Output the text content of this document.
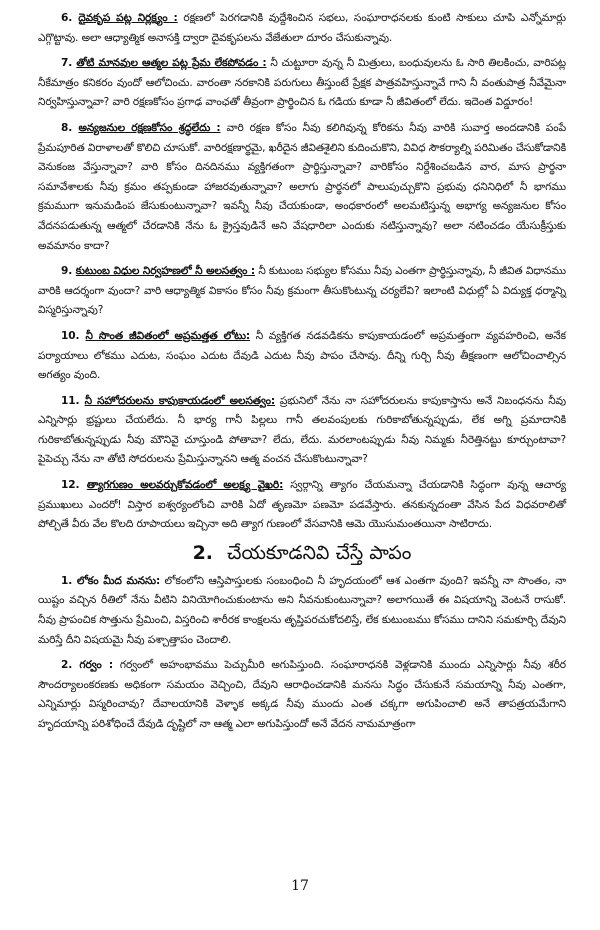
6. దైవకృప పట్ల నిర్లక్ష్యం : రక్షణలో పెరగడానికి వుద్దేశించిన సభలు, సంఘారాధనలకు కుంటి సాకులు చూపి ఎన్నోమార్లు ఎగ్గొట్టావు. అలా ఆధ్యాత్మిక అనాసక్తి ద్వారా దైవకృపలను వేజేతులా దూరం చేసుకున్నావు.

7. తోటి మానవుల ఆత్మల పట్ల ప్రేమ లేకపోవడం : నీ చుట్టూరా వున్న నీ మిత్రులు, బంధువులను ఓ సారి తిలకించు, వారిపట్ల నీకేమాత్రం కనికరం వుందో ఆలోచించు. వారంతా నరకానికి పరుగులు తీస్తుంటే ప్రేక్షక పాత్రవహిస్తున్నావే గాని నీ వంతుపాత్ర నీవేమైనా నిర్వహిస్తున్నావా? వారి రక్షణకోసం ప్రగాఢ వాంఛతో తీవ్రంగా ప్రార్థించిన ఓ గడియ కూడా నీ జీవితంలో లేదు. ఇదెంత విద్డూరం!

8. అన్యజనుల రక్షణకోసం శ్రద్ధలేదు : వారి రక్షణ కోసం నీవు కలిగివున్న కోరికను నీవు వారికి సువార్త అందడానికి పంపే ప్రేమపూరిత విరాళాలతో కొలిచి చూసుకో. వారిరక్షణార్థమై, ఖరీదైన జీవితశైలిని కుదించుకొని, వివిధ సౌకర్యాల్ని పరిమితం చేసుకోడానికి వెనుకంజ వేస్తున్నావా? వారి కోసం దినదినము వ్యక్తిగతంగా ప్రార్థిస్తున్నావా? వారికోసం నిర్దేశించబడిన వార, మాస ప్రార్థనా సమావేశాలకు నీవు క్రమం తప్పకుండా హాజరవుతున్నావా? అలాగు ప్రార్థనలో పాలుపుచ్చుకొని ప్రభువు ధనినిధిలో నీ భాగము క్రమముగా ఇనుమడింప జేసుకుంటున్నావా? ఇవన్నీ నీవు చేయకుండా, అంధకారంలో అలమటిస్తున్న అభాగ్య అన్యజనుల కోసం వేదనపడుతున్న ఆత్మలో చేరడానికి నేను ఓ క్రైస్తవుడినే అని వేషధారిలా ఎందుకు నటిస్తున్నావు? అలా నటించడం యేసుక్రీస్తుకు అవమానం కాదా?

9. కుటుంబ విధుల నిర్వహణలో నీ అలసత్వం : నీ కుటుంబ సభ్యుల కోసము నీవు ఎంతగా ప్రార్థిస్తున్నావు, నీ జీవిత విధానము వారికి ఆదర్శంగా వుందా? వారి ఆధ్యాత్మిక వికాసం కోసం నీవు క్రమంగా తీసుకొంటున్న చర్యలేవి? ఇలాంటి విధుల్లో ఏ విద్యుక్త ధర్మాన్ని విస్మరిస్తున్నావు?

10. నీ సొంత జీవితంలో అప్రమత్తత లోటు: నీ వ్యక్తిగత నడవడికను కాపుకాయడంలో అప్రమత్తంగా వ్యవహరించి, అనేక పర్యాయాలు లోకము ఎదుట, సంఘం ఎదుట దేవుడి ఎదుట నీవు పాపం చేసావు. దీన్ని గుర్చి నీవు తీక్షణంగా ఆలోచించాల్సిన అగత్యం వుంది.

11. నీ సహోదరులను కాపుకాయడంలో అలసత్వం: ప్రభునిలో నేను నా సహోదరులను కాపుకాస్తాను అనే నిబంధనను నీవు ఎన్నిసార్లు భ్రష్టులు చేయలేదు. నీ భార్య గానీ పిల్లలు గానీ తలవంపులకు గురికాబోతున్నప్పుడు, లేక అగ్ని ప్రమాదానికి గురికాబోతున్నప్పుడు నీవు మౌనివై చూస్తుండి పోతావా? లేదు, లేదు. మరలాంటప్పుడు నీవు నిమ్మకు నీరెత్తినట్టు కూర్చుంటావా? పైపెచ్చు నేను నా తోటి సోదరులను ప్రేమిస్తున్నానని ఆత్మ వంచన చేసుకొంటున్నావా?

12. త్యాగగుణం అలవర్చుకోవడంలో అలక్ష్య వైఖరి: స్వర్గాన్ని త్యాగం చేయమన్నా చేయడానికి సిద్ధంగా వున్న ఆచార్య ప్రముఖులు ఎందరో! విస్తార ఐశ్వర్యంలోంచి వారికి ఏదో తృణమో పణమో పడవేస్తారు. తనకున్నదంతా వేసిన పేద విధవరాలితో పోల్చితే వీరు వేల కొలది రూపాయలు ఇచ్చినా అది త్యాగ గుణంలో వేసవానికి ఆమె యొసుమంతయినా సాటిరాదు.

2. చేయకూడనివి చేస్తే పాపం

1. లోకం మీద మనసు: లోకంలోని ఆస్తిపాస్తులకు సంబంధించి నీ హృదయంలో ఆశ ఎంతగా వుంది? ఇవన్నీ నా సొంతం, నా యిష్టం వచ్చిన రీతిలో నేను వీటిని వినియోగించుకుంటాను అని నీవనుకుంటున్నావా? అలాగయితే ఈ విషయాన్ని వెంటనే రాసుకో. నీవు ప్రాపంచిక సొత్తును ప్రేమించి, విస్తరించి శారీరక కాంక్షలను తృప్తిపరచుకోదలిస్తే, లేక కుటుంబము కోసము దానిని సమకూర్చి దేవుని మరిస్తే దీని విషయమై నీవు పశ్చాత్తాపం చెందాలి.

2. గర్వం : గర్వంలో అహంభావము పెచ్చుమీరి అగుపిస్తుంది. సంఘారాధనకి వెళ్లడానికి ముందు ఎన్నిసార్లు నీవు శరీర సౌందర్యాలంకరణకు అధికంగా సమయం వెచ్చించి, దేవుని ఆరాధించడానికి మనసు సిద్ధం చేసుకునే సమయాన్ని నీవు ఎంతగా, ఎన్నిమార్లు విస్మరించావు? దేవాలయానికి వెళ్ళాక అక్కడ నీవు ముందు ఎంత చక్కగా అగుపించాలి అనే తాపత్రయమేగాని హృదయాన్ని పరిశోధించే దేవుడి దృష్టిలో నా ఆత్మ ఎలా అగుపిస్తుందో అనే వేదన నామమాత్రంగా

17
